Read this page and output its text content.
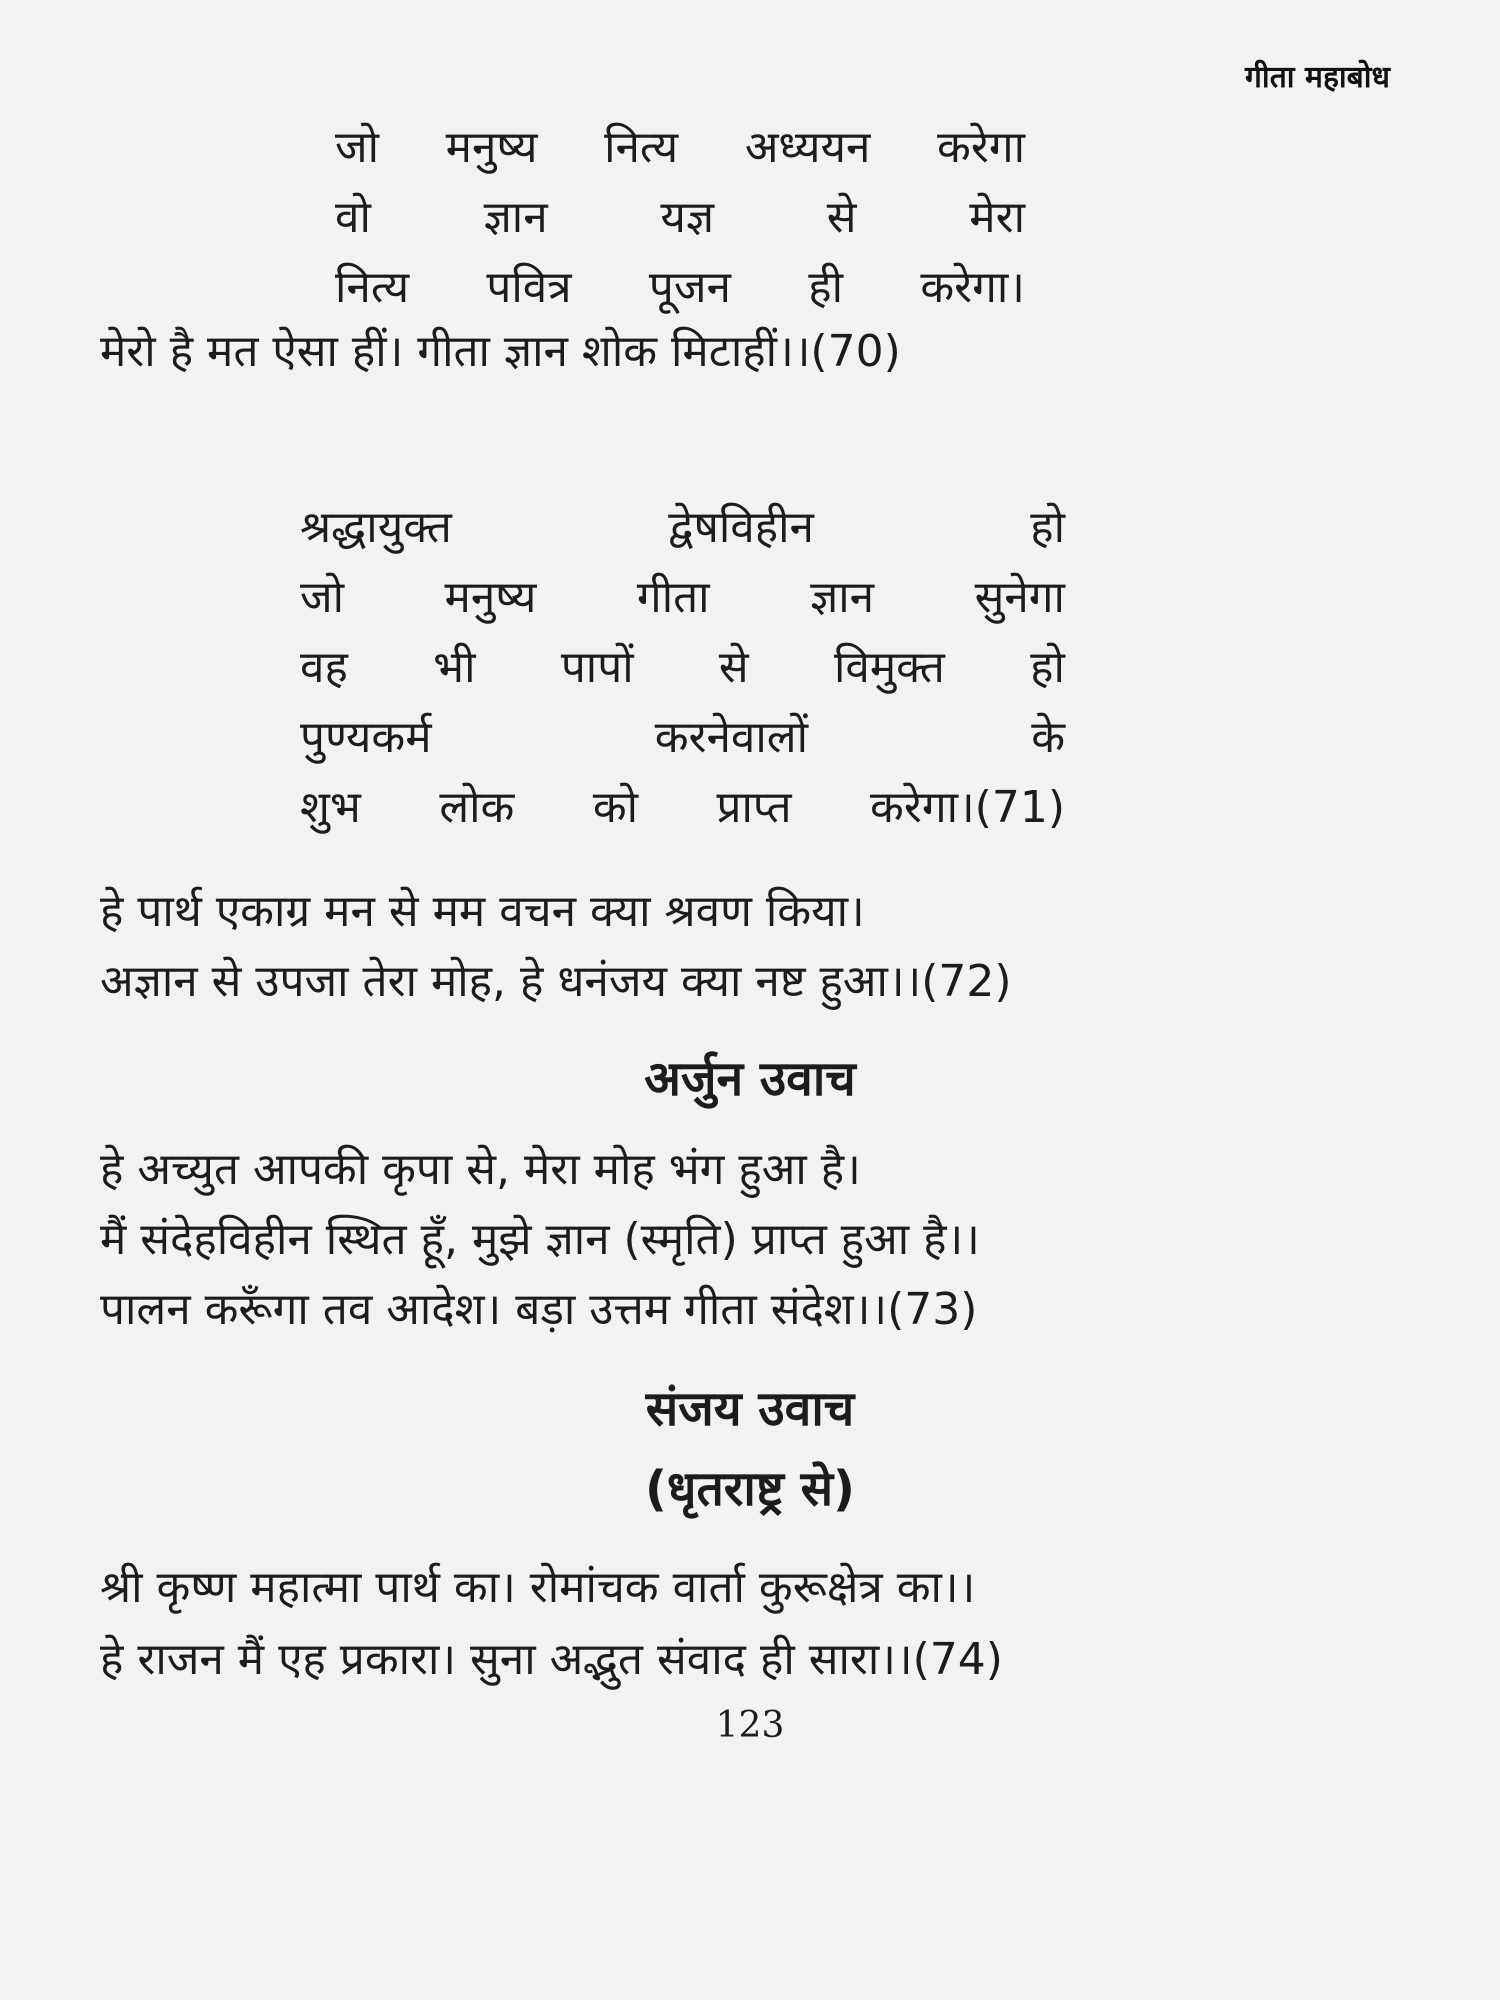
गीता महाबोध
जो मनुष्य नित्य अध्ययन करेगा
वो	ज्ञान	यज्ञ	से	मेरा
नित्य पवित्र पूजन ही करेगा।
मेरो है मत ऐसा हीं। गीता ज्ञान शोक मिटाहीं।।(70)
श्रद्धायुक्त	द्वेषविहीन	हो
जो मनुष्य गीता ज्ञान सुनेगा
वह भी पापों से विमुक्त हो
पुण्यकर्म	करनेवालों	के
शुभ लोक को प्राप्त करेगा।(71)
हे पार्थ एकाग्र मन से मम वचन क्या श्रवण किया।
अज्ञान से उपजा तेरा मोह, हे धनंजय क्या नष्ट हुआ।।(72)
अर्जुन उवाच
हे अच्युत आपकी कृपा से, मेरा मोह भंग हुआ है।
मैं संदेहविहीन स्थित हूँ, मुझे ज्ञान (स्मृति) प्राप्त हुआ है।।
पालन करूँगा तव आदेश। बड़ा उत्तम गीता संदेश।।(73)
संजय उवाच
(धृतराष्ट्र से)
श्री कृष्ण महात्मा पार्थ का। रोमांचक वार्ता कुरूक्षेत्र का।।
हे राजन मैं एह प्रकारा। सुना अद्भुत संवाद ही सारा।।(74)
123
